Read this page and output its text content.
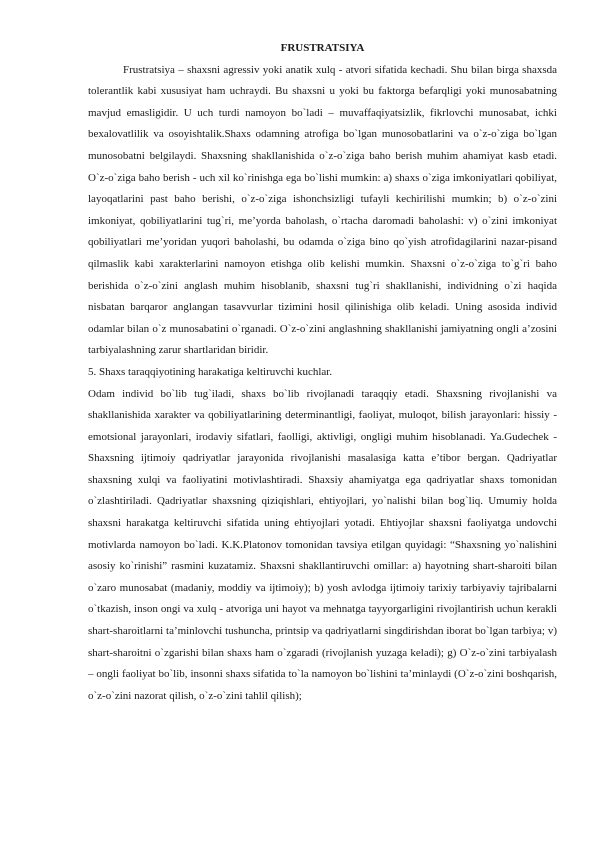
FRUSTRATSIYA

Frustratsiya – shaxsni agressiv yoki anatik xulq - atvori sifatida kechadi. Shu bilan birga shaxsda tolerantlik kabi xususiyat ham uchraydi. Bu shaxsni u yoki bu faktorga befarqligi yoki munosabatning mavjud emasligidir. U uch turdi namoyon bo`ladi – muvaffaqiyatsizlik, fikrlovchi munosabat, ichki bexalovatlilik va osoyishtalik.Shaxs odamning atrofiga bo`lgan munosobatlarini va o`z-o`ziga bo`lgan munosobatni belgilaydi. Shaxsning shakllanishida o`z-o`ziga baho berish muhim ahamiyat kasb etadi. O`z-o`ziga baho berish - uch xil ko`rinishga ega bo`lishi mumkin: a) shaxs o`ziga imkoniyatlari qobiliyat, layoqatlarini past baho berishi, o`z-o`ziga ishonchsizligi tufayli kechirilishi mumkin; b) o`z-o`zini imkoniyat, qobiliyatlarini tug`ri, me’yorda baholash, o`rtacha daromadi baholashi: v) o`zini imkoniyat qobiliyatlari me’yoridan yuqori baholashi, bu odamda o`ziga bino qo`yish atrofidagilarini nazar-pisand qilmaslik kabi xarakterlarini namoyon etishga olib kelishi mumkin. Shaxsni o`z-o`ziga to`g`ri baho berishida o`z-o`zini anglash muhim hisoblanib, shaxsni tug`ri shakllanishi, individning o`zi haqida nisbatan barqaror anglangan tasavvurlar tizimini hosil qilinishiga olib keladi. Uning asosida individ odamlar bilan o`z munosabatini o`rganadi. O`z-o`zini anglashning shakllanishi jamiyatning ongli a’zosini tarbiyalashning zarur shartlaridan biridir.

5. Shaxs taraqqiyotining harakatiga keltiruvchi kuchlar.

Odam individ bo`lib tug`iladi, shaxs bo`lib rivojlanadi taraqqiy etadi. Shaxsning rivojlanishi va shakllanishida xarakter va qobiliyatlarining determinantligi, faoliyat, muloqot, bilish jarayonlari: hissiy - emotsional jarayonlari, irodaviy sifatlari, faolligi, aktivligi, ongligi muhim hisoblanadi. Ya.Gudechek - Shaxsning ijtimoiy qadriyatlar jarayonida rivojlanishi masalasiga katta e’tibor bergan. Qadriyatlar shaxsning xulqi va faoliyatini motivlashtiradi. Shaxsiy ahamiyatga ega qadriyatlar shaxs tomonidan o`zlashtiriladi. Qadriyatlar shaxsning qiziqishlari, ehtiyojlari, yo`nalishi bilan bog`liq. Umumiy holda shaxsni harakatga keltiruvchi sifatida uning ehtiyojlari yotadi. Ehtiyojlar shaxsni faoliyatga undovchi motivlarda namoyon bo`ladi. K.K.Platonov tomonidan tavsiya etilgan quyidagi: “Shaxsning yo`nalishini asosiy ko`rinishi” rasmini kuzatamiz. Shaxsni shakllantiruvchi omillar: a) hayotning shart-sharoiti bilan o`zaro munosabat (madaniy, moddiy va ijtimoiy); b) yosh avlodga ijtimoiy tarixiy tarbiyaviy tajribalarni o`tkazish, inson ongi va xulq - atvoriga uni hayot va mehnatga tayyorgarligini rivojlantirish uchun kerakli shart-sharoitlarni ta’minlovchi tushuncha, printsip va qadriyatlarni singdirishdan iborat bo`lgan tarbiya; v) shart-sharoitni o`zgarishi bilan shaxs ham o`zgaradi (rivojlanish yuzaga keladi); g) O`z-o`zini tarbiyalash – ongli faoliyat bo`lib, insonni shaxs sifatida to`la namoyon bo`lishini ta’minlaydi (O`z-o`zini boshqarish, o`z-o`zini nazorat qilish, o`z-o`zini tahlil qilish);
